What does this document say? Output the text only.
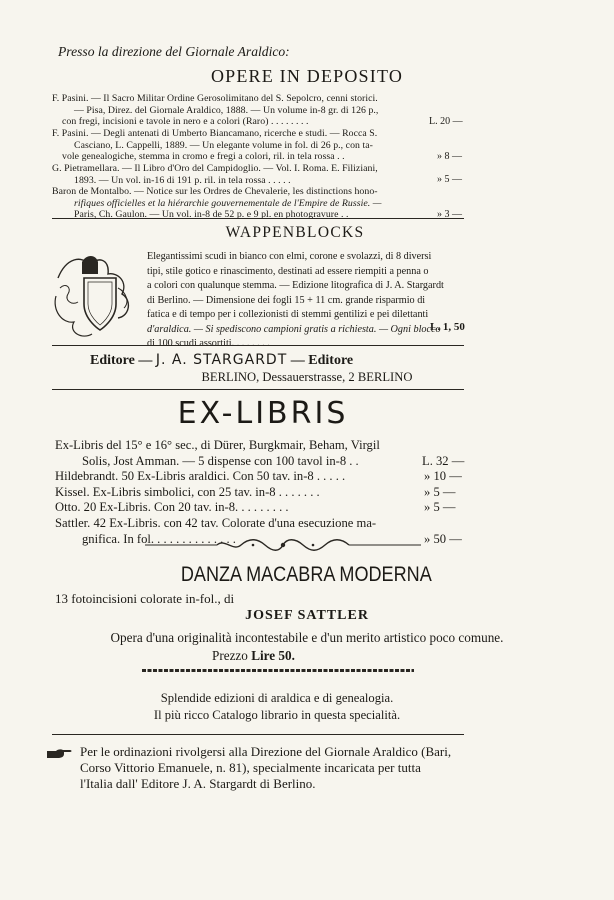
Presso la direzione del Giornale Araldico:
OPERE IN DEPOSITO
F. Pasini. — Il Sacro Militar Ordine Gerosolimitano del S. Sepolcro, cenni storici.
— Pisa, Direz. del Giornale Araldico, 1888. — Un volume in-8 gr. di 126 p.,
con fregi, incisioni e tavole in nero e a colori (Raro) . . . . . . . .	L. 20 —
F. Pasini. — Degli antenati di Umberto Biancamano, ricerche e studi. — Rocca S.
Casciano, L. Cappelli, 1889. — Un elegante volume in fol. di 26 p., con ta-
vole genealogiche, stemma in cromo e fregi a colori, ril. in tela rossa . .	» 8 —
G. Pietramellara. — Il Libro d'Oro del Campidoglio. — Vol. I. Roma. E. Filiziani,
1893. — Un vol. in-16 di 191 p. ril. in tela rossa . . . . .	» 5 —
Baron de Montalbo. — Notice sur les Ordres de Chevalerie, les distinctions hono-
rifiques officielles et la hiérarchie gouvernementale de l'Empire de Russie. —
Paris, Ch. Gaulon. — Un vol. in-8 de 52 p. e 9 pl. en photogravure . .	» 3 —
WAPPENBLOCKS
Elegantissimi scudi in bianco con elmi, corone e svolazzi, di 8 diversi
tipi, stile gotico e rinascimento, destinati ad essere riempiti a penna o
a colori con qualunque stemma. — Edizione litografica di J. A. Stargardt
di Berlino. — Dimensione dei fogli 15 + 11 cm. grande risparmio di
fatica e di tempo per i collezionisti di stemmi gentilizi e pei dilettanti
d'araldica. — Si spediscono campioni gratis a richiesta. — Ogni blocco
di 100 scudi assortiti. . . . . . . .
L. 1, 50
Editore — J. A. STARGARDT — Editore
BERLINO, Dessauerstrasse, 2 BERLINO
EX-LIBRIS
Ex-Libris del 15° e 16° sec., di Dürer, Burgkmair, Beham, Virgil
Solis, Jost Amman. — 5 dispense con 100 tavol in-8 . .	L. 32 —
Hildebrandt. 50 Ex-Libris araldici. Con 50 tav. in-8 . . . . .	» 10 —
Kissel. Ex-Libris simbolici, con 25 tav. in-8 . . . . . . .	» 5 —
Otto. 20 Ex-Libris. Con 20 tav. in-8. . . . . . . . .	» 5 —
Sattler. 42 Ex-Libris. con 42 tav. Colorate d'una esecuzione ma-
gnifica. In fol. . . . . . . . . . . . . .	» 50 —
DANZA MACABRA MODERNA
13 fotoincisioni colorate in-fol., di
JOSEF SATTLER
Opera d'una originalità incontestabile e d'un merito artistico poco comune.
Prezzo Lire 50.
Splendide edizioni di araldica e di genealogia.
Il più ricco Catalogo librario in questa specialità.
Per le ordinazioni rivolgersi alla Direzione del Giornale Araldico (Bari,
Corso Vittorio Emanuele, n. 81), specialmente incaricata per tutta
l'Italia dall' Editore J. A. Stargardt di Berlino.
